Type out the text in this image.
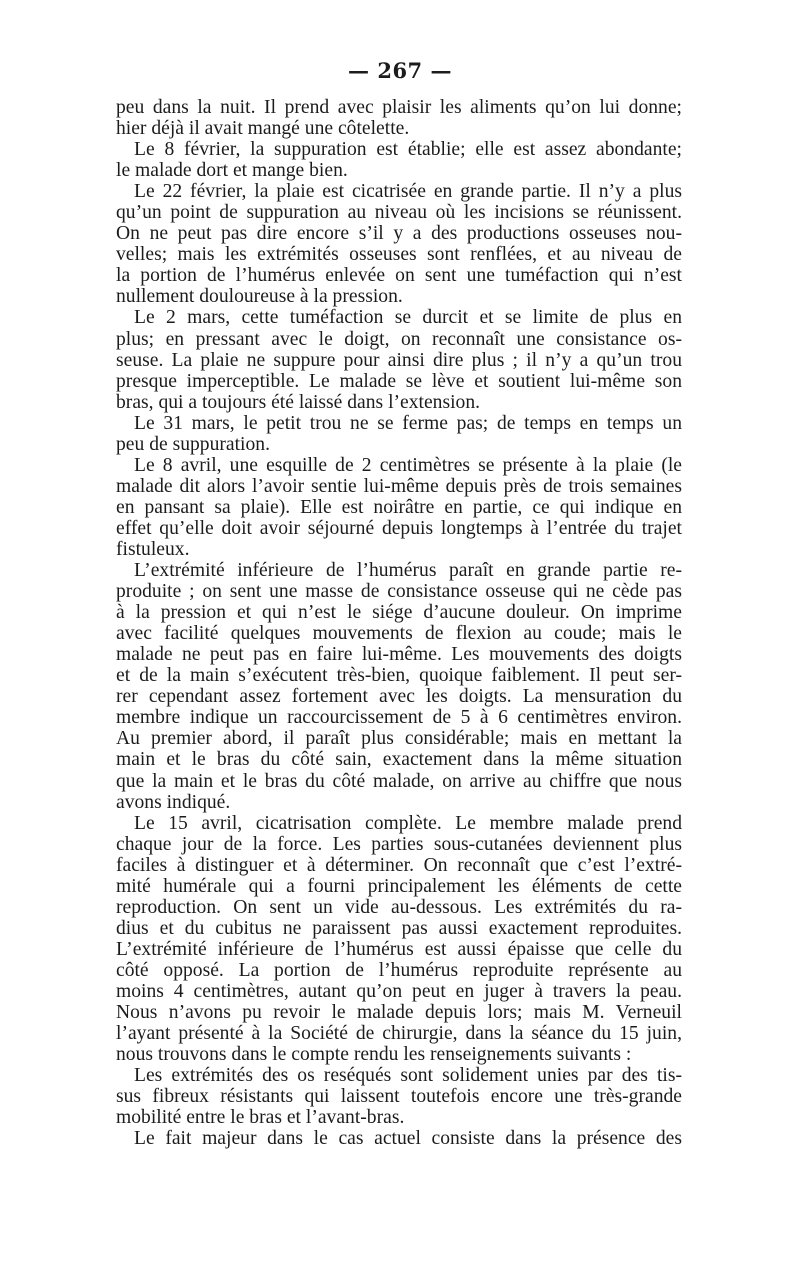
— 267 —
peu dans la nuit. Il prend avec plaisir les aliments qu’on lui donne;
hier déjà il avait mangé une côtelette.
Le 8 février, la suppuration est établie; elle est assez abondante;
le malade dort et mange bien.
Le 22 février, la plaie est cicatrisée en grande partie. Il n’y a plus
qu’un point de suppuration au niveau où les incisions se réunissent.
On ne peut pas dire encore s’il y a des productions osseuses nou-
velles; mais les extrémités osseuses sont renflées, et au niveau de
la portion de l’humérus enlevée on sent une tuméfaction qui n’est
nullement douloureuse à la pression.
Le 2 mars, cette tuméfaction se durcit et se limite de plus en
plus; en pressant avec le doigt, on reconnaît une consistance os-
seuse. La plaie ne suppure pour ainsi dire plus ; il n’y a qu’un trou
presque imperceptible. Le malade se lève et soutient lui-même son
bras, qui a toujours été laissé dans l’extension.
Le 31 mars, le petit trou ne se ferme pas; de temps en temps un
peu de suppuration.
Le 8 avril, une esquille de 2 centimètres se présente à la plaie (le
malade dit alors l’avoir sentie lui-même depuis près de trois semaines
en pansant sa plaie). Elle est noirâtre en partie, ce qui indique en
effet qu’elle doit avoir séjourné depuis longtemps à l’entrée du trajet
fistuleux.
L’extrémité inférieure de l’humérus paraît en grande partie re-
produite ; on sent une masse de consistance osseuse qui ne cède pas
à la pression et qui n’est le siége d’aucune douleur. On imprime
avec facilité quelques mouvements de flexion au coude; mais le
malade ne peut pas en faire lui-même. Les mouvements des doigts
et de la main s’exécutent très-bien, quoique faiblement. Il peut ser-
rer cependant assez fortement avec les doigts. La mensuration du
membre indique un raccourcissement de 5 à 6 centimètres environ.
Au premier abord, il paraît plus considérable; mais en mettant la
main et le bras du côté sain, exactement dans la même situation
que la main et le bras du côté malade, on arrive au chiffre que nous
avons indiqué.
Le 15 avril, cicatrisation complète. Le membre malade prend
chaque jour de la force. Les parties sous-cutanées deviennent plus
faciles à distinguer et à déterminer. On reconnaît que c’est l’extré-
mité humérale qui a fourni principalement les éléments de cette
reproduction. On sent un vide au-dessous. Les extrémités du ra-
dius et du cubitus ne paraissent pas aussi exactement reproduites.
L’extrémité inférieure de l’humérus est aussi épaisse que celle du
côté opposé. La portion de l’humérus reproduite représente au
moins 4 centimètres, autant qu’on peut en juger à travers la peau.
Nous n’avons pu revoir le malade depuis lors; mais M. Verneuil
l’ayant présenté à la Société de chirurgie, dans la séance du 15 juin,
nous trouvons dans le compte rendu les renseignements suivants :
Les extrémités des os reséqués sont solidement unies par des tis-
sus fibreux résistants qui laissent toutefois encore une très-grande
mobilité entre le bras et l’avant-bras.
Le fait majeur dans le cas actuel consiste dans la présence des
